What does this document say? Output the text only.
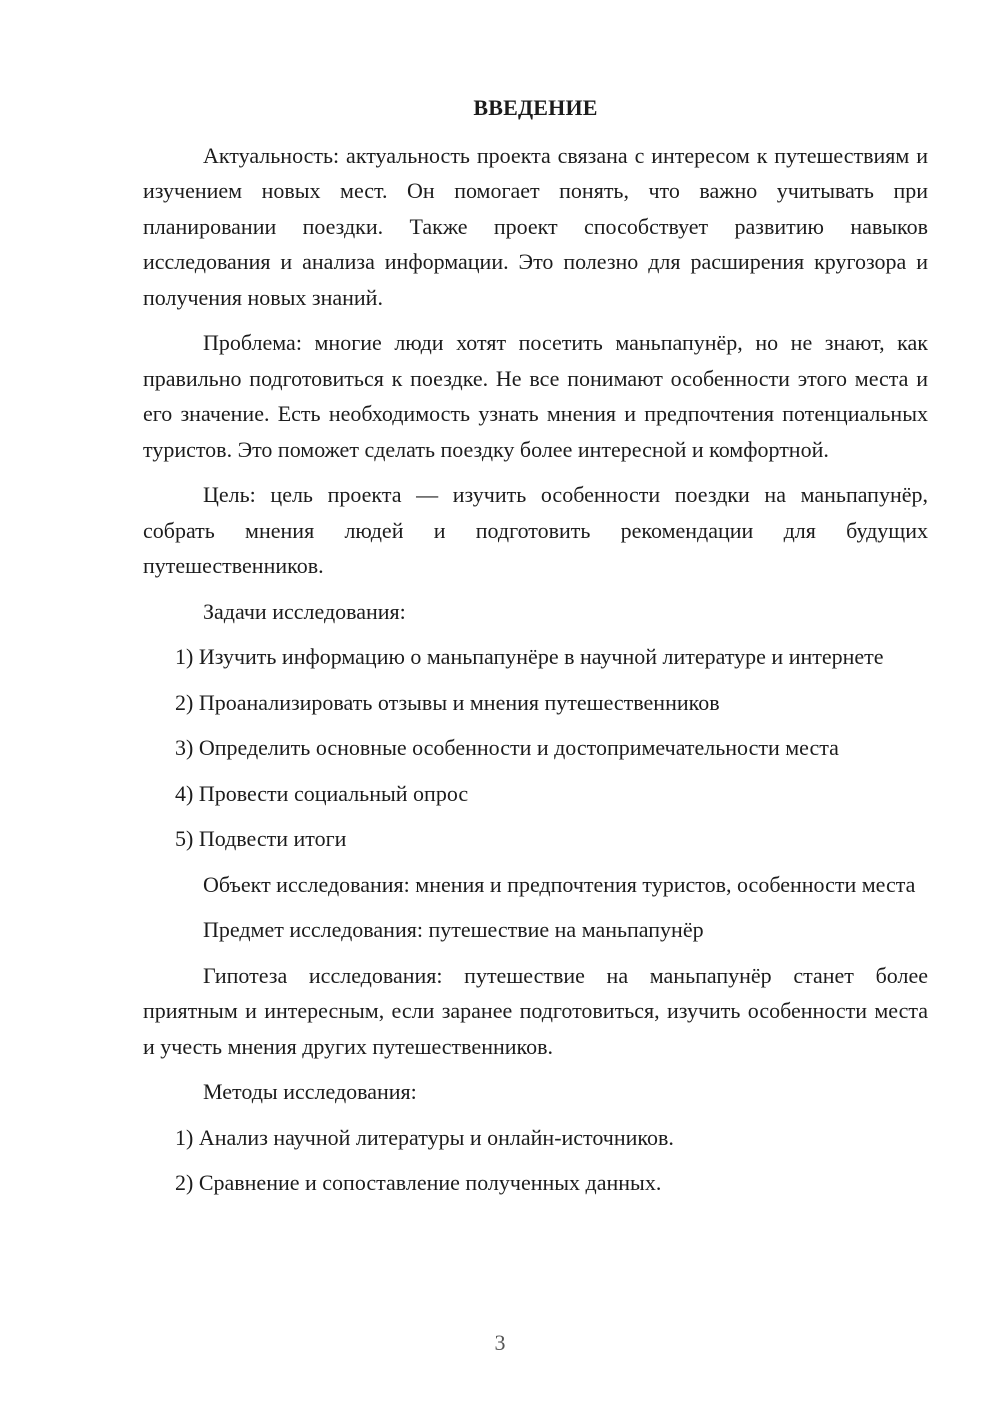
ВВЕДЕНИЕ

Актуальность: актуальность проекта связана с интересом к путешествиям и изучением новых мест. Он помогает понять, что важно учитывать при планировании поездки. Также проект способствует развитию навыков исследования и анализа информации. Это полезно для расширения кругозора и получения новых знаний.

Проблема: многие люди хотят посетить маньпапунёр, но не знают, как правильно подготовиться к поездке. Не все понимают особенности этого места и его значение. Есть необходимость узнать мнения и предпочтения потенциальных туристов. Это поможет сделать поездку более интересной и комфортной.

Цель: цель проекта — изучить особенности поездки на маньпапунёр, собрать мнения людей и подготовить рекомендации для будущих путешественников.

Задачи исследования:
1) Изучить информацию о маньпапунёре в научной литературе и интернете
2) Проанализировать отзывы и мнения путешественников
3) Определить основные особенности и достопримечательности места
4) Провести социальный опрос
5) Подвести итоги

Объект исследования: мнения и предпочтения туристов, особенности места

Предмет исследования: путешествие на маньпапунёр

Гипотеза исследования: путешествие на маньпапунёр станет более приятным и интересным, если заранее подготовиться, изучить особенности места и учесть мнения других путешественников.

Методы исследования:
1) Анализ научной литературы и онлайн-источников.
2) Сравнение и сопоставление полученных данных.
3
